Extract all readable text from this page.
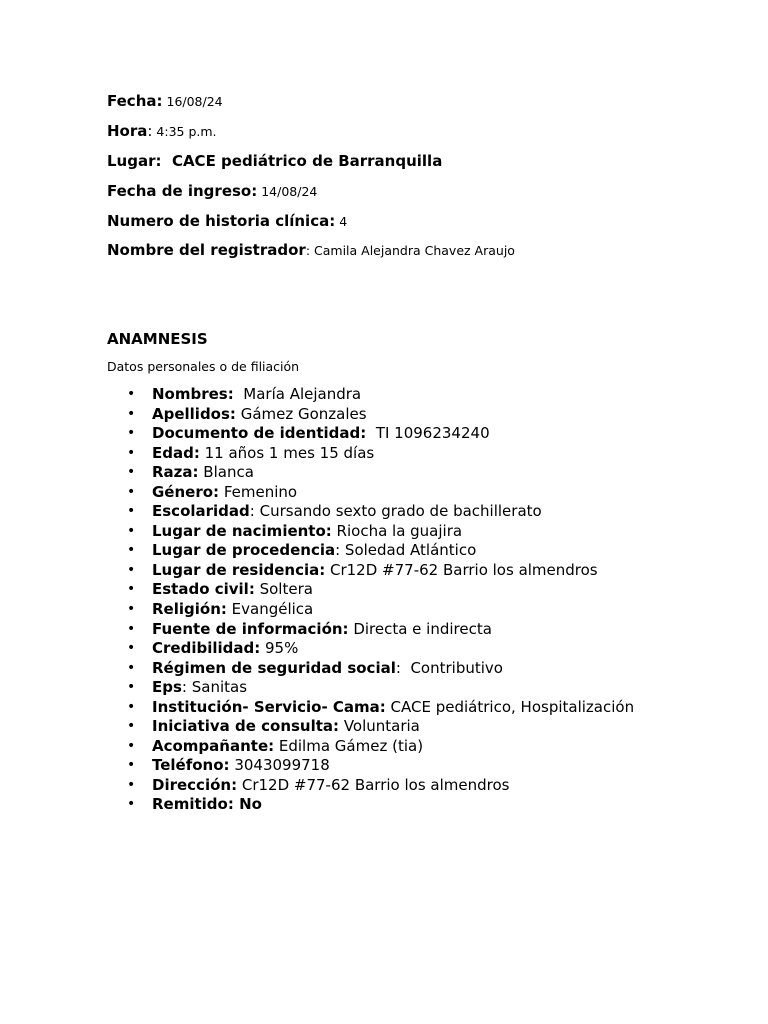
Fecha: 16/08/24
Hora: 4:35 p.m.
Lugar:  CACE pediátrico de Barranquilla
Fecha de ingreso: 14/08/24
Numero de historia clínica: 4
Nombre del registrador: Camila Alejandra Chavez Araujo
ANAMNESIS
Datos personales o de filiación
• Nombres:  María Alejandra
• Apellidos: Gámez Gonzales
• Documento de identidad:  TI 1096234240
• Edad: 11 años 1 mes 15 días
• Raza: Blanca
• Género: Femenino
• Escolaridad: Cursando sexto grado de bachillerato
• Lugar de nacimiento: Riocha la guajira
• Lugar de procedencia: Soledad Atlántico
• Lugar de residencia: Cr12D #77-62 Barrio los almendros
• Estado civil: Soltera
• Religión: Evangélica
• Fuente de información: Directa e indirecta
• Credibilidad: 95%
• Régimen de seguridad social:  Contributivo
• Eps: Sanitas
• Institución- Servicio- Cama: CACE pediátrico, Hospitalización
• Iniciativa de consulta: Voluntaria
• Acompañante: Edilma Gámez (tia)
• Teléfono: 3043099718
• Dirección: Cr12D #77-62 Barrio los almendros
• Remitido: No
